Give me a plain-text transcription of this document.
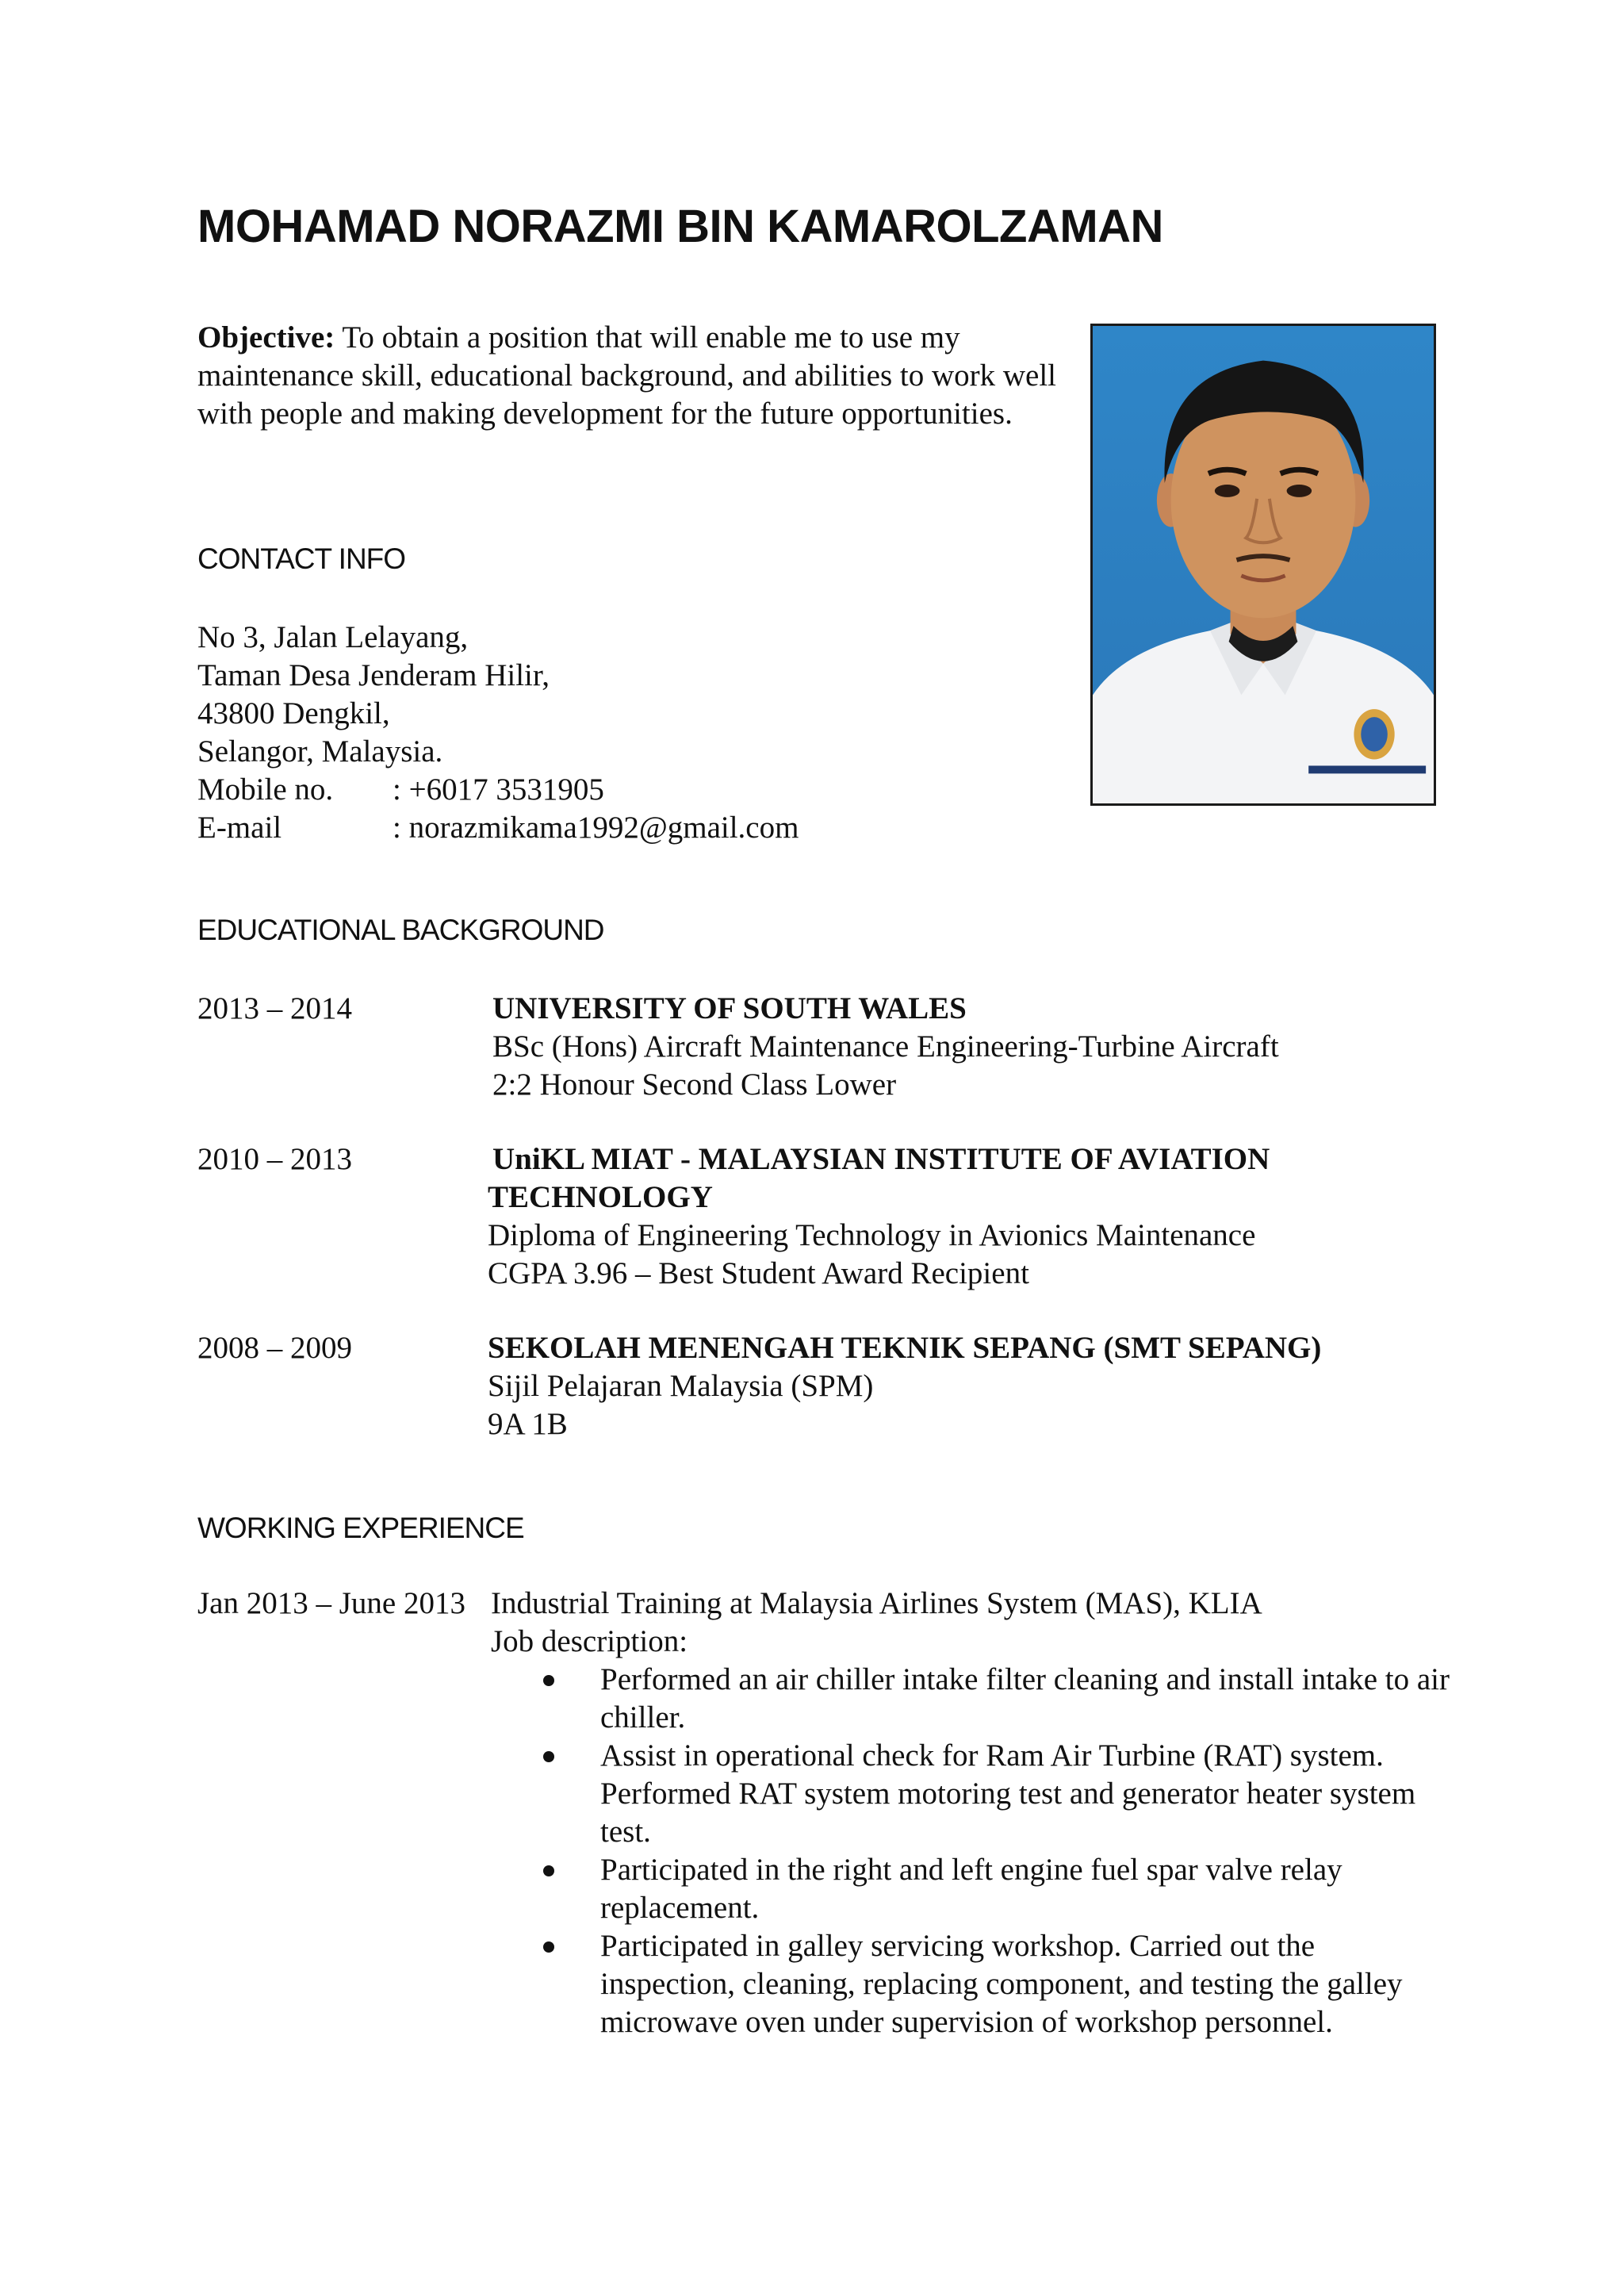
MOHAMAD NORAZMI BIN KAMAROLZAMAN

Objective: To obtain a position that will enable me to use my maintenance skill, educational background, and abilities to work well with people and making development for the future opportunities.

CONTACT INFO
No 3, Jalan Lelayang,
Taman Desa Jenderam Hilir,
43800 Dengkil,
Selangor, Malaysia.
Mobile no.	: +6017 3531905
E-mail	: norazmikama1992@gmail.com
EDUCATIONAL BACKGROUND
2013 – 2014	UNIVERSITY OF SOUTH WALES
BSc (Hons) Aircraft Maintenance Engineering-Turbine Aircraft
2:2 Honour Second Class Lower
2010 – 2013	UniKL MIAT - MALAYSIAN INSTITUTE OF AVIATION TECHNOLOGY
Diploma of Engineering Technology in Avionics Maintenance
CGPA 3.96 – Best Student Award Recipient
2008 – 2009	SEKOLAH MENENGAH TEKNIK SEPANG (SMT SEPANG)
Sijil Pelajaran Malaysia (SPM)
9A 1B
WORKING EXPERIENCE
Jan 2013 – June 2013 Industrial Training at Malaysia Airlines System (MAS), KLIA
Job description:
Performed an air chiller intake filter cleaning and install intake to air chiller.
Assist in operational check for Ram Air Turbine (RAT) system. Performed RAT system motoring test and generator heater system test.
Participated in the right and left engine fuel spar valve relay replacement.
Participated in galley servicing workshop. Carried out the inspection, cleaning, replacing component, and testing the galley microwave oven under supervision of workshop personnel.
